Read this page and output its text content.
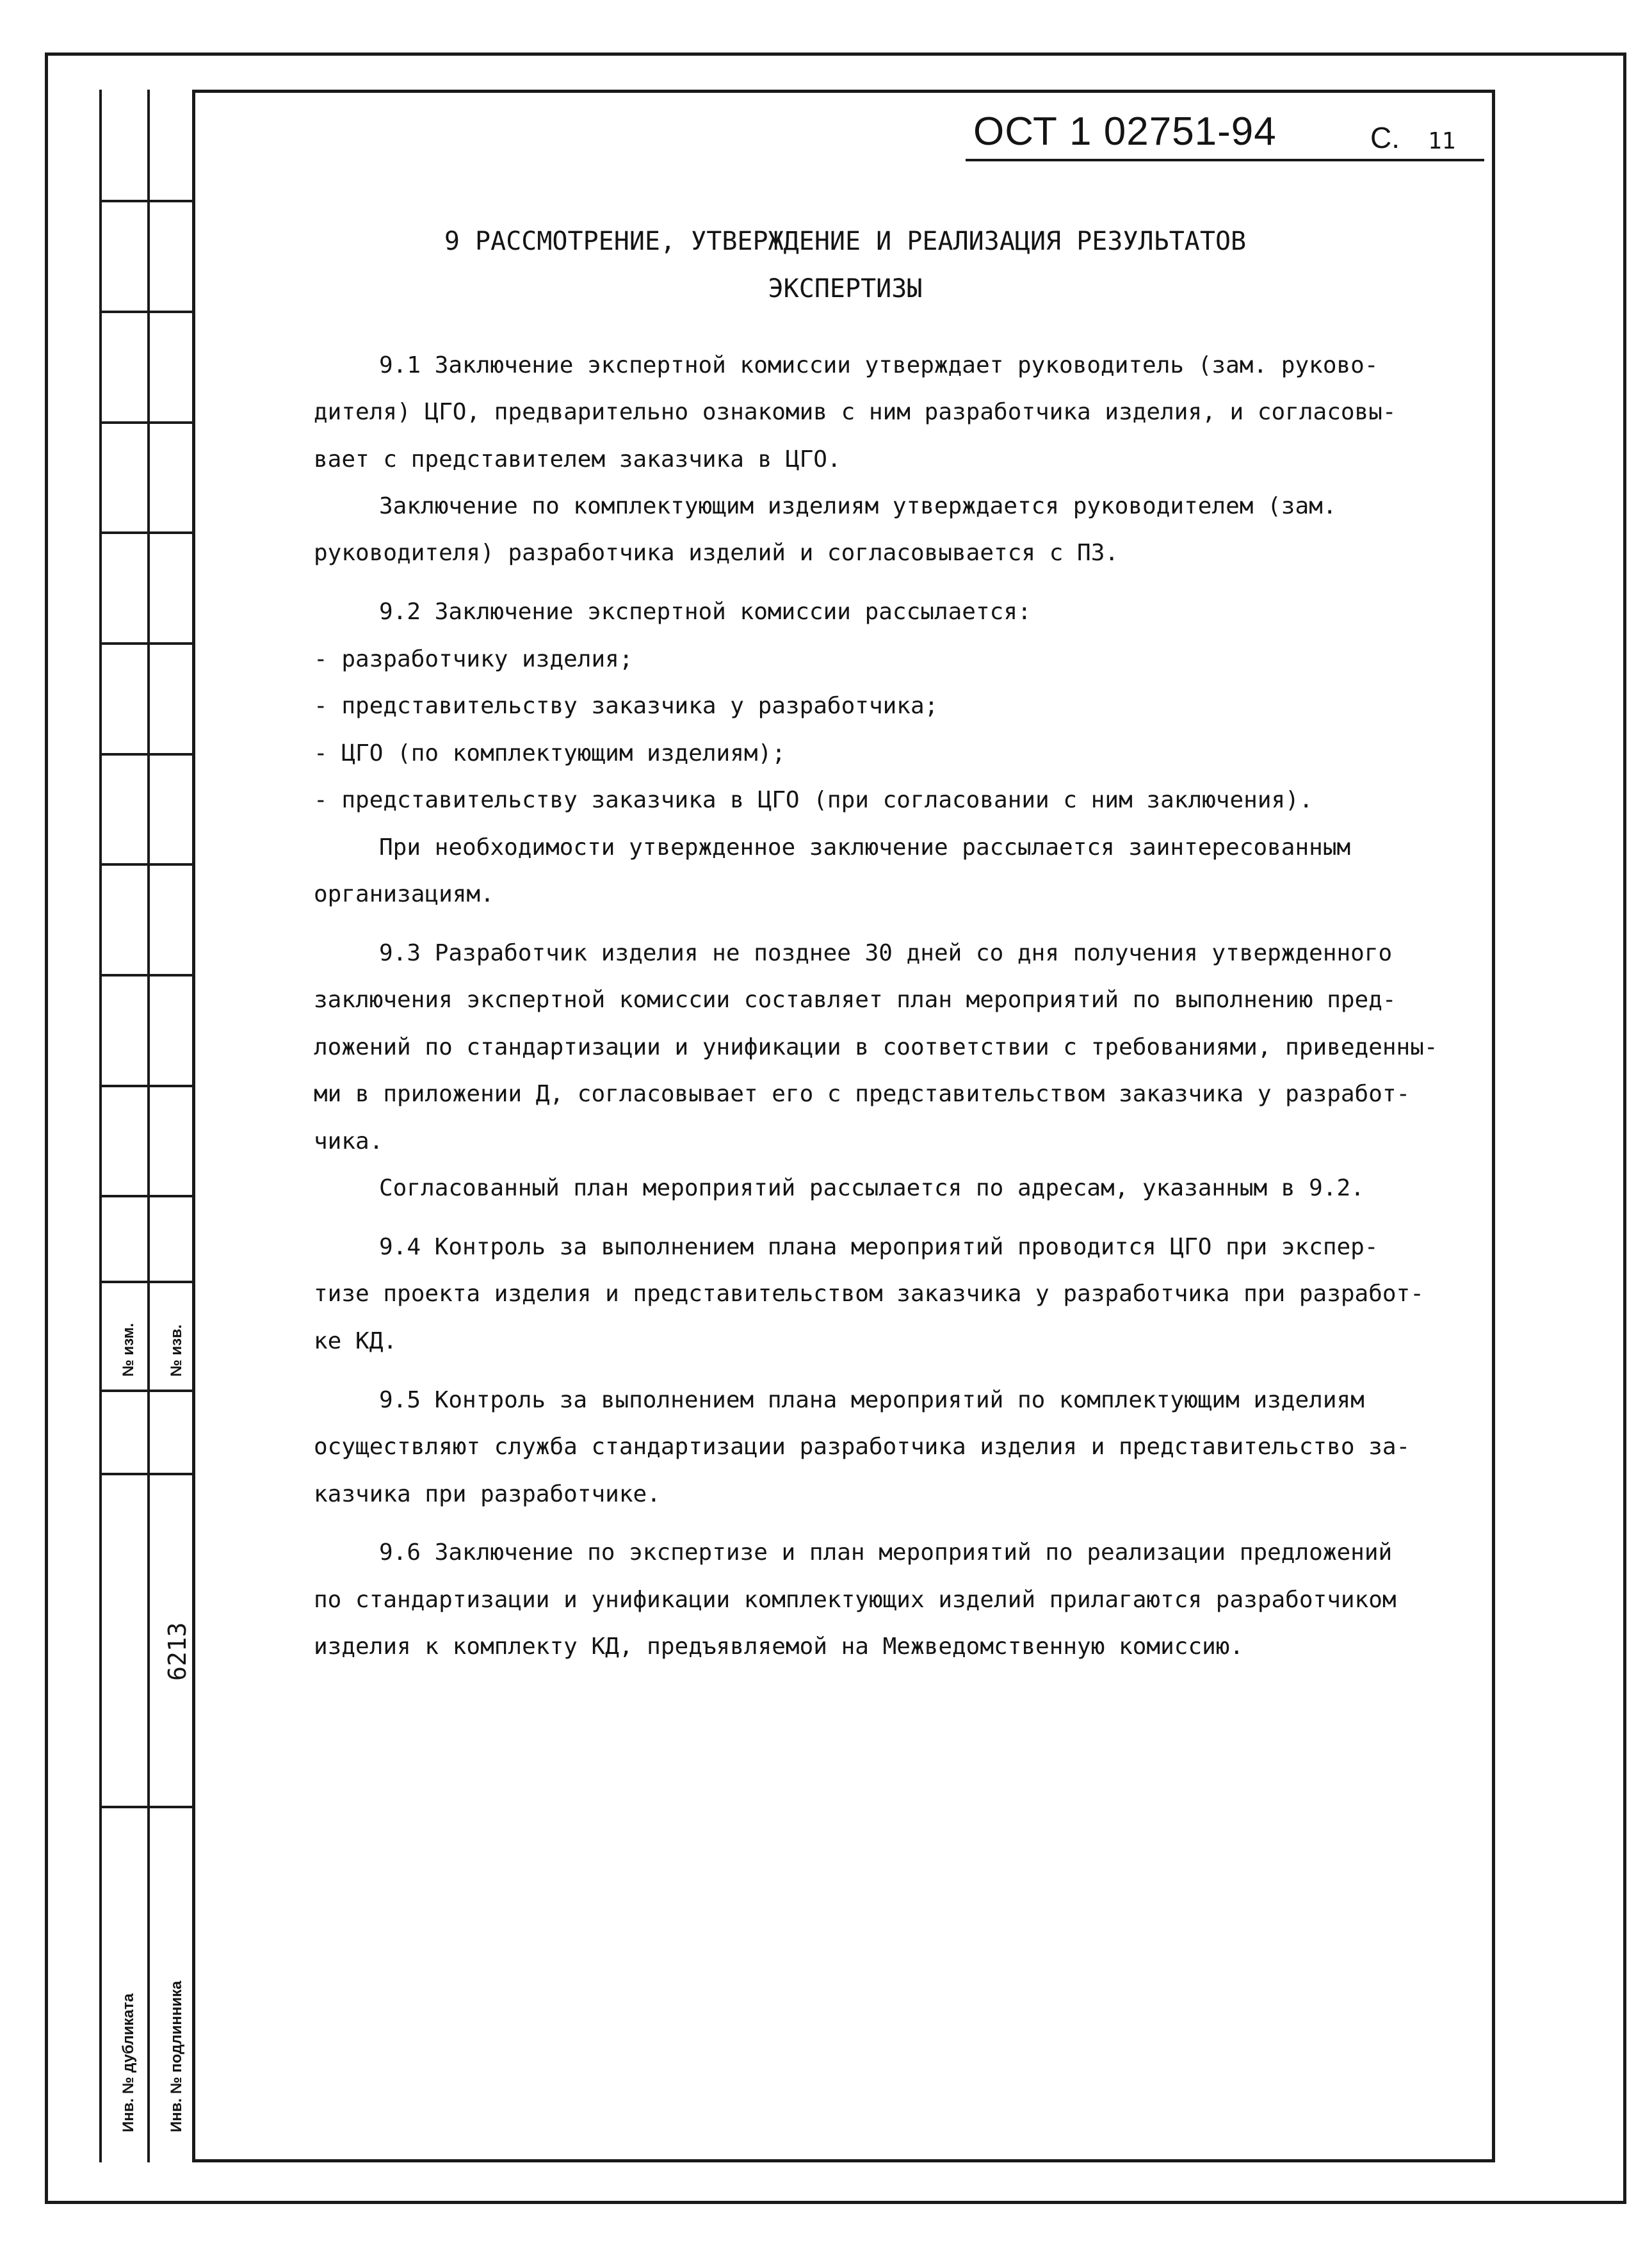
№ изм. № изв.
Инв. № дубликата Инв. № подлинника
6213
ОСТ 1 02751-94	С. 11
9 РАССМОТРЕНИЕ, УТВЕРЖДЕНИЕ И РЕАЛИЗАЦИЯ РЕЗУЛЬТАТОВ
ЭКСПЕРТИЗЫ
9.1 Заключение экспертной комиссии утверждает руководитель (зам. руково-
дителя) ЦГО, предварительно ознакомив с ним разработчика изделия, и согласовы-
вает с представителем заказчика в ЦГО.
Заключение по комплектующим изделиям утверждается руководителем (зам.
руководителя) разработчика изделий и согласовывается с ПЗ.
9.2 Заключение экспертной комиссии рассылается:
- разработчику изделия;
- представительству заказчика у разработчика;
- ЦГО (по комплектующим изделиям);
- представительству заказчика в ЦГО (при согласовании с ним заключения).
При необходимости утвержденное заключение рассылается заинтересованным
организациям.
9.3 Разработчик изделия не позднее 30 дней со дня получения утвержденного
заключения экспертной комиссии составляет план мероприятий по выполнению пред-
ложений по стандартизации и унификации в соответствии с требованиями, приведенны-
ми в приложении Д, согласовывает его с представительством заказчика у разработ-
чика.
Согласованный план мероприятий рассылается по адресам, указанным в 9.2.
9.4 Контроль за выполнением плана мероприятий проводится ЦГО при экспер-
тизе проекта изделия и представительством заказчика у разработчика при разработ-
ке КД.
9.5 Контроль за выполнением плана мероприятий по комплектующим изделиям
осуществляют служба стандартизации разработчика изделия и представительство за-
казчика при разработчике.
9.6 Заключение по экспертизе и план мероприятий по реализации предложений
по стандартизации и унификации комплектующих изделий прилагаются разработчиком
изделия к комплекту КД, предъявляемой на Межведомственную комиссию.
